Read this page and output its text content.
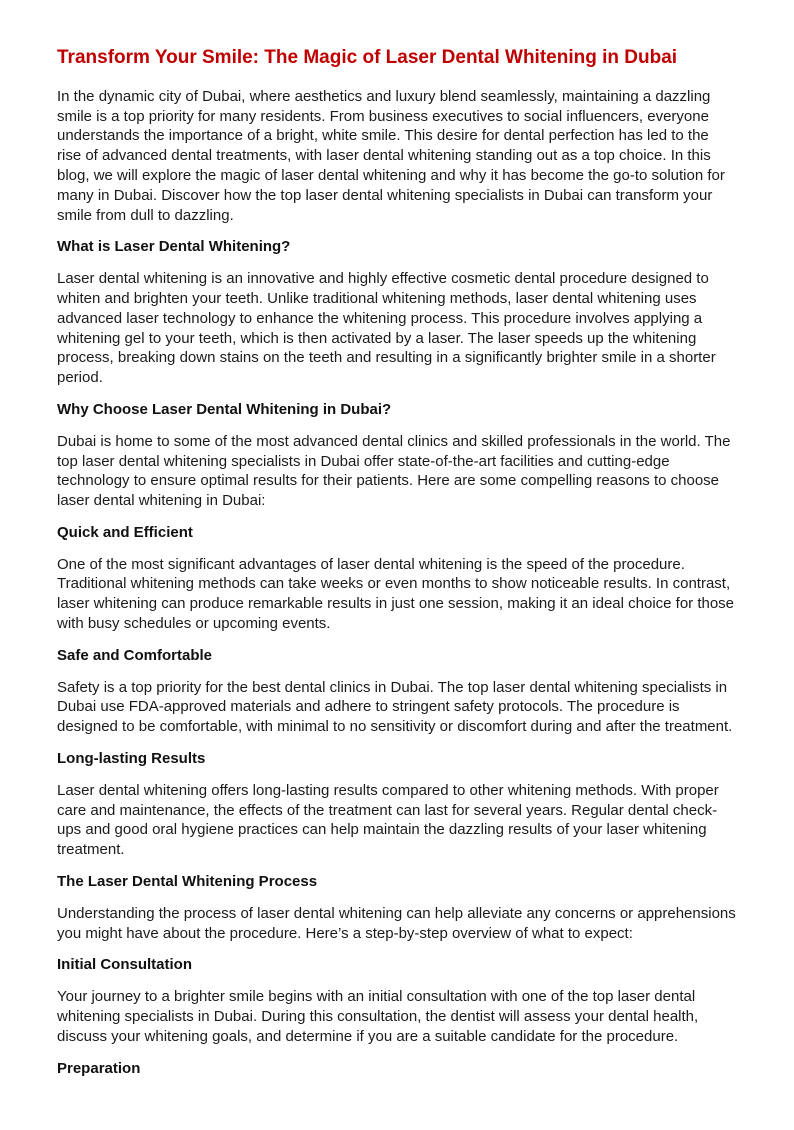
Transform Your Smile: The Magic of Laser Dental Whitening in Dubai

In the dynamic city of Dubai, where aesthetics and luxury blend seamlessly, maintaining a dazzling smile is a top priority for many residents. From business executives to social influencers, everyone understands the importance of a bright, white smile. This desire for dental perfection has led to the rise of advanced dental treatments, with laser dental whitening standing out as a top choice. In this blog, we will explore the magic of laser dental whitening and why it has become the go-to solution for many in Dubai. Discover how the top laser dental whitening specialists in Dubai can transform your smile from dull to dazzling.

What is Laser Dental Whitening?

Laser dental whitening is an innovative and highly effective cosmetic dental procedure designed to whiten and brighten your teeth. Unlike traditional whitening methods, laser dental whitening uses advanced laser technology to enhance the whitening process. This procedure involves applying a whitening gel to your teeth, which is then activated by a laser. The laser speeds up the whitening process, breaking down stains on the teeth and resulting in a significantly brighter smile in a shorter period.

Why Choose Laser Dental Whitening in Dubai?

Dubai is home to some of the most advanced dental clinics and skilled professionals in the world. The top laser dental whitening specialists in Dubai offer state-of-the-art facilities and cutting-edge technology to ensure optimal results for their patients. Here are some compelling reasons to choose laser dental whitening in Dubai:

Quick and Efficient

One of the most significant advantages of laser dental whitening is the speed of the procedure. Traditional whitening methods can take weeks or even months to show noticeable results. In contrast, laser whitening can produce remarkable results in just one session, making it an ideal choice for those with busy schedules or upcoming events.

Safe and Comfortable

Safety is a top priority for the best dental clinics in Dubai. The top laser dental whitening specialists in Dubai use FDA-approved materials and adhere to stringent safety protocols. The procedure is designed to be comfortable, with minimal to no sensitivity or discomfort during and after the treatment.

Long-lasting Results

Laser dental whitening offers long-lasting results compared to other whitening methods. With proper care and maintenance, the effects of the treatment can last for several years. Regular dental check-ups and good oral hygiene practices can help maintain the dazzling results of your laser whitening treatment.

The Laser Dental Whitening Process

Understanding the process of laser dental whitening can help alleviate any concerns or apprehensions you might have about the procedure. Here’s a step-by-step overview of what to expect:

Initial Consultation

Your journey to a brighter smile begins with an initial consultation with one of the top laser dental whitening specialists in Dubai. During this consultation, the dentist will assess your dental health, discuss your whitening goals, and determine if you are a suitable candidate for the procedure.

Preparation
